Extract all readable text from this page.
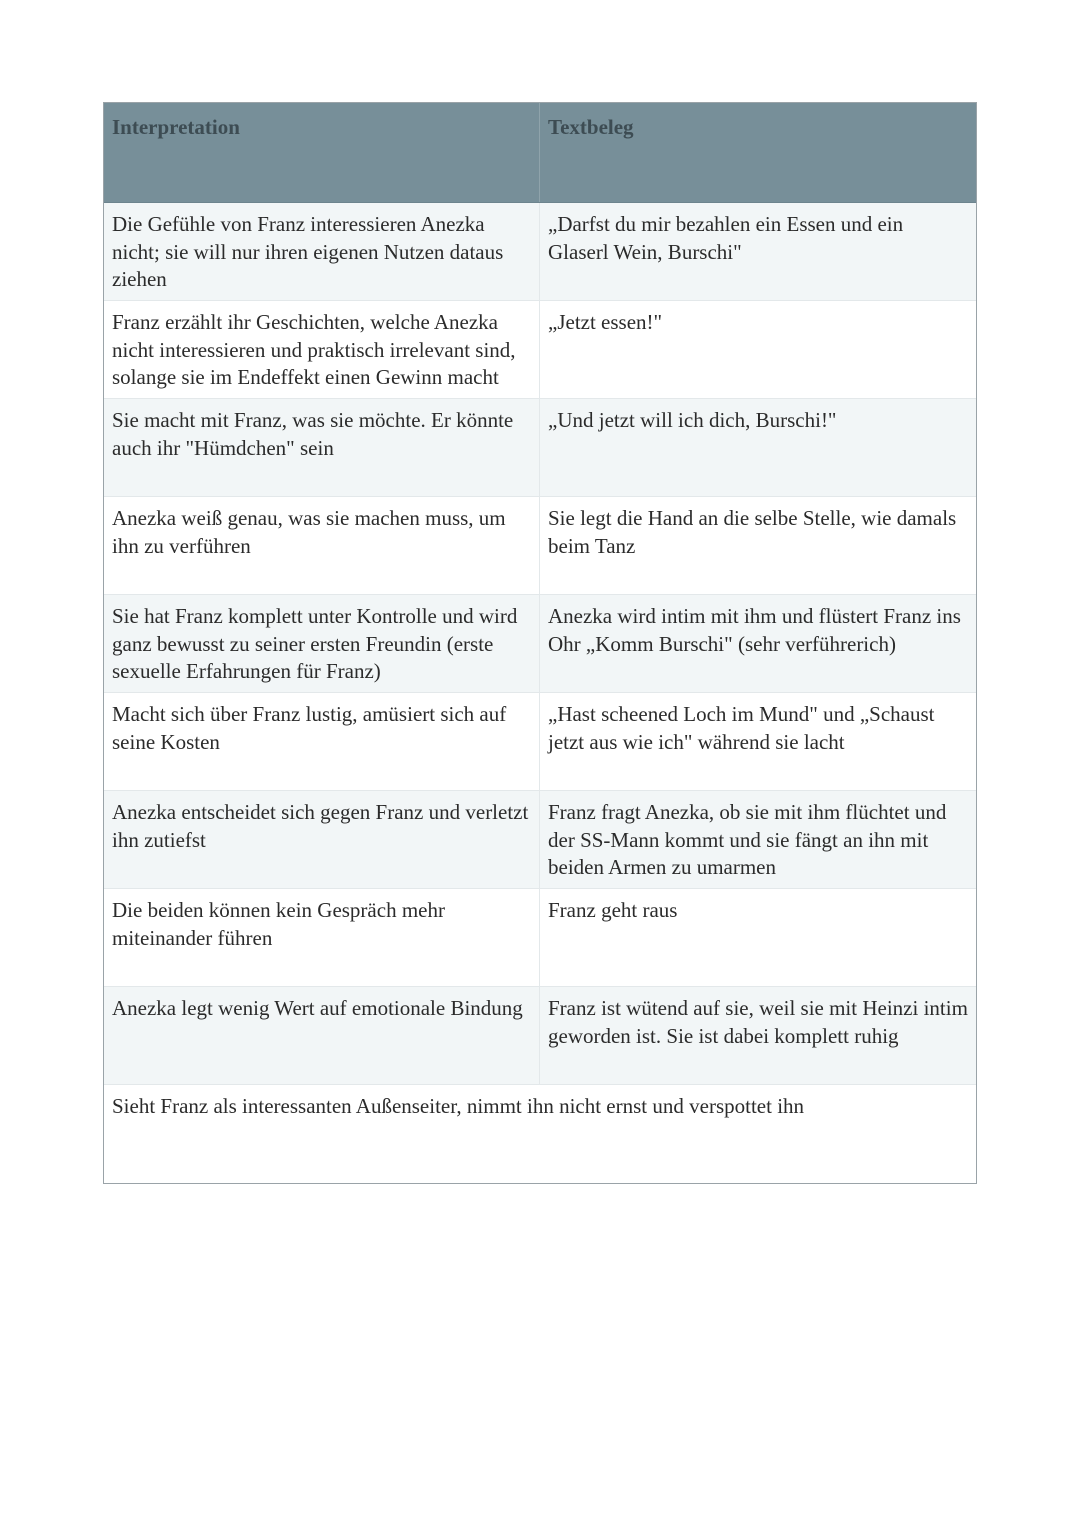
Interpretation	Textbeleg
Die Gefühle von Franz interessieren Anezka nicht; sie will nur ihren eigenen Nutzen dataus ziehen
„Darfst du mir bezahlen ein Essen und ein Glaserl Wein, Burschi"
Franz erzählt ihr Geschichten, welche Anezka nicht interessieren und praktisch irrelevant sind, solange sie im Endeffekt einen Gewinn macht
„Jetzt essen!"
Sie macht mit Franz, was sie möchte. Er könnte auch ihr "Hümdchen" sein
„Und jetzt will ich dich, Burschi!"
Anezka weiß genau, was sie machen muss, um ihn zu verführen
Sie legt die Hand an die selbe Stelle, wie damals beim Tanz
Sie hat Franz komplett unter Kontrolle und wird ganz bewusst zu seiner ersten Freundin (erste sexuelle Erfahrungen für Franz)
Anezka wird intim mit ihm und flüstert Franz ins Ohr „Komm Burschi" (sehr verführerich)
Macht sich über Franz lustig, amüsiert sich auf seine Kosten
„Hast scheened Loch im Mund" und „Schaust jetzt aus wie ich" während sie lacht
Anezka entscheidet sich gegen Franz und verletzt ihn zutiefst
Franz fragt Anezka, ob sie mit ihm flüchtet und der SS-Mann kommt und sie fängt an ihn mit beiden Armen zu umarmen
Die beiden können kein Gespräch mehr miteinander führen
Franz geht raus
Anezka legt wenig Wert auf emotionale Bindung	Franz ist wütend auf sie, weil sie mit Heinzi intim geworden ist. Sie ist dabei komplett ruhig
Sieht Franz als interessanten Außenseiter, nimmt ihn nicht ernst und verspottet ihn
